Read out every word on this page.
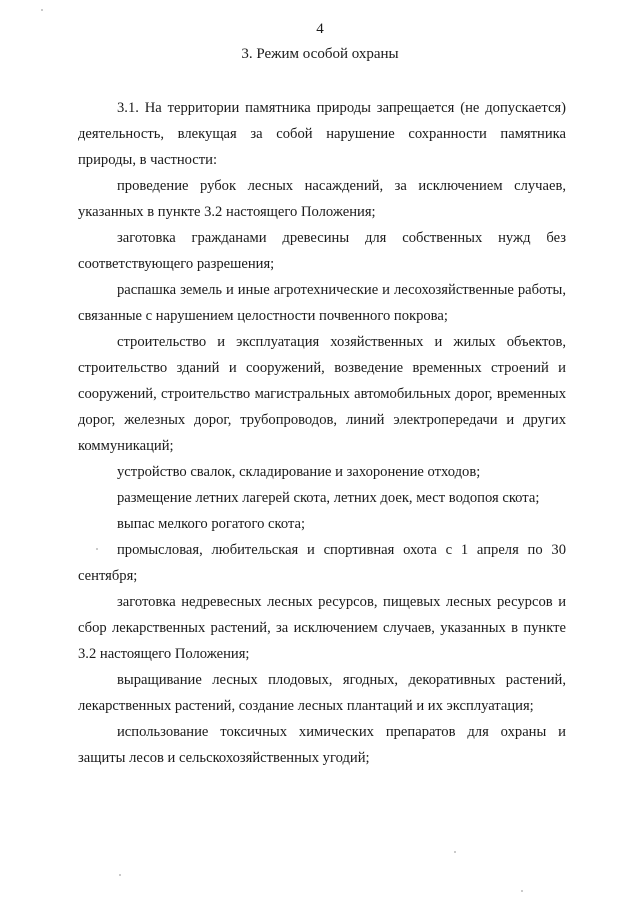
4
3. Режим особой охраны

3.1. На территории памятника природы запрещается (не допускается) деятельность, влекущая за собой нарушение сохранности памятника природы, в частности:

проведение рубок лесных насаждений, за исключением случаев, указанных в пункте 3.2 настоящего Положения;

заготовка гражданами древесины для собственных нужд без соответствующего разрешения;

распашка земель и иные агротехнические и лесохозяйственные работы, связанные с нарушением целостности почвенного покрова;

строительство и эксплуатация хозяйственных и жилых объектов, строительство зданий и сооружений, возведение временных строений и сооружений, строительство магистральных автомобильных дорог, временных дорог, железных дорог, трубопроводов, линий электропередачи и других коммуникаций;

устройство свалок, складирование и захоронение отходов;

размещение летних лагерей скота, летних доек, мест водопоя скота;

выпас мелкого рогатого скота;

промысловая, любительская и спортивная охота с 1 апреля по 30 сентября;

заготовка недревесных лесных ресурсов, пищевых лесных ресурсов и сбор лекарственных растений, за исключением случаев, указанных в пункте 3.2 настоящего Положения;

выращивание лесных плодовых, ягодных, декоративных растений, лекарственных растений, создание лесных плантаций и их эксплуатация;

использование токсичных химических препаратов для охраны и защиты лесов и сельскохозяйственных угодий;
